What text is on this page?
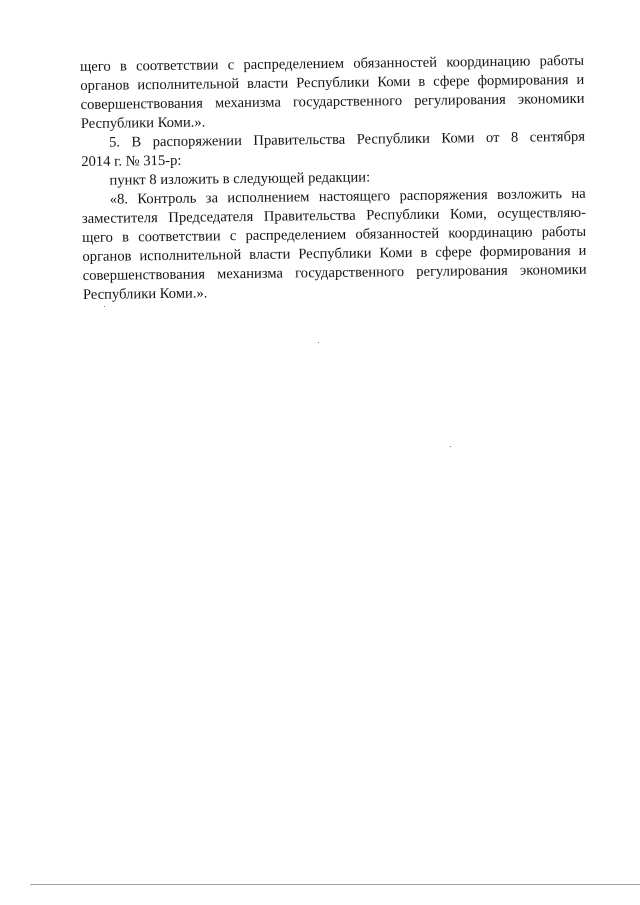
щего в соответствии с распределением обязанностей координацию работы
органов исполнительной власти Республики Коми в сфере формирования и
совершенствования механизма государственного регулирования экономики
Республики Коми.».
5. В распоряжении Правительства Республики Коми от 8 сентября
2014 г. № 315-р:
пункт 8 изложить в следующей редакции:
«8. Контроль за исполнением настоящего распоряжения возложить на
заместителя Председателя Правительства Республики Коми, осуществляю-
щего в соответствии с распределением обязанностей координацию работы
органов исполнительной власти Республики Коми в сфере формирования и
совершенствования механизма государственного регулирования экономики
Республики Коми.».
